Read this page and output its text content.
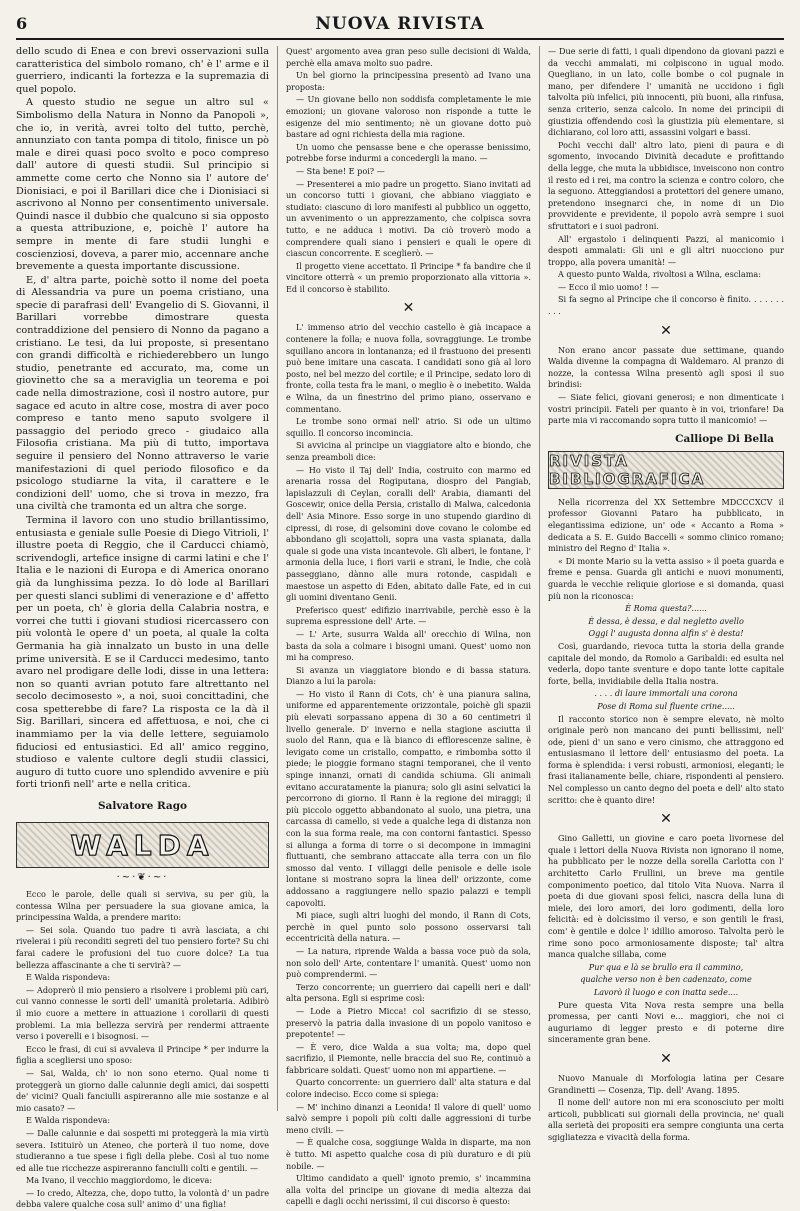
6	NUOVA RIVISTA

dello scudo di Enea e con brevi osservazioni sulla caratteristica del simbolo romano, ch' è l' arme e il guerriero, indicanti la fortezza e la supremazia di quel popolo.

A questo studio ne segue un altro sul « Simbolismo della Natura in Nonno da Panopoli », che io, in verità, avrei tolto del tutto, perchè, annunziato con tanta pompa di titolo, finisce un pò male e direi quasi poco svolto e poco compreso dall' autore di questi studii. Sul principio si ammette come certo che Nonno sia l' autore de' Dionisiaci, e poi il Barillari dice che i Dionisiaci si ascrivono al Nonno per consentimento universale. Quindi nasce il dubbio che qualcuno si sia opposto a questa attribuzione, e, poichè l' autore ha sempre in mente di fare studii lunghi e coscienziosi, doveva, a parer mio, accennare anche brevemente a questa importante discussione.

E, d' altra parte, poichè sotto il nome del poeta di Alessandria va pure un poema cristiano, una specie di parafrasi dell' Evangelio di S. Giovanni, il Barillari vorrebbe dimostrare questa contraddizione del pensiero di Nonno da pagano a cristiano. Le tesi, da lui proposte, si presentano con grandi difficoltà e richiederebbero un lungo studio, penetrante ed accurato, ma, come un giovinetto che sa a meraviglia un teorema e poi cade nella dimostrazione, così il nostro autore, pur sagace ed acuto in altre cose, mostra di aver poco compreso e tanto meno saputo svolgere il passaggio del periodo greco - giudaico alla Filosofia cristiana. Ma più di tutto, importava seguire il pensiero del Nonno attraverso le varie manifestazioni di quel periodo filosofico e da psicologo studiarne la vita, il carattere e le condizioni dell' uomo, che si trova in mezzo, fra una civiltà che tramonta ed un altra che sorge.

Termina il lavoro con uno studio brillantissimo, entusiasta e geniale sulle Poesie di Diego Vitrioli, l' illustre poeta di Reggio, che il Carducci chiamò, scrivendogli, artefice insigne di carmi latini e che l' Italia e le nazioni di Europa e di America onorano già da lunghissima pezza. Io dò lode al Barillari per questi slanci sublimi di venerazione e d' affetto per un poeta, ch' è gloria della Calabria nostra, e vorrei che tutti i giovani studiosi ricercassero con più volontà le opere d' un poeta, al quale la colta Germania ha già innalzato un busto in una delle prime università. E se il Carducci medesimo, tanto avaro nel prodigare delle lodi, disse in una lettera: non so quanti avrian potuto fare altrettanto nel secolo decimosesto », a noi, suoi concittadini, che cosa spetterebbe di fare? La risposta ce la dà il Sig. Barillari, sincera ed affettuosa, e noi, che ci inammiamo per la via delle lettere, seguiamolo fiduciosi ed entusiastici. Ed all' amico reggino, studioso e valente cultore degli studii classici, auguro di tutto cuore uno splendido avvenire e più forti trionfi nell' arte e nella critica.

Salvatore Rago
WALDA
·~·❦·~·

Ecco le parole, delle quali si serviva, su per giù, la contessa Wilna per persuadere la sua giovane amica, la principessina Walda, a prendere marito:

— Sei sola. Quando tuo padre ti avrà lasciata, a chi rivelerai i più reconditi segreti del tuo pensiero forte? Su chi farai cadere le profusioni del tuo cuore dolce? La tua bellezza affascinante a che ti servirà? —

E Walda rispondeva:

— Adoprerò il mio pensiero a risolvere i problemi più cari, cui vanno connesse le sorti dell' umanità proletaria. Adibirò il mio cuore a mettere in attuazione i corollarii di questi problemi. La mia bellezza servirà per rendermi attraente verso i poverelli e i bisognosi. —

Ecco le frasi, di cui si avvaleva il Principe * per indurre la figlia a scegliersi uno sposo:

— Sai, Walda, ch' io non sono eterno. Qual nome ti proteggerà un giorno dalle calunnie degli amici, dai sospetti de' vicini? Quali fanciulli aspireranno alle mie sostanze e al mio casato? —

E Walda rispondeva:

— Dalle calunnie e dai sospetti mi proteggerà la mia virtù severa. Istituirò un Ateneo, che porterà il tuo nome, dove studieranno a tue spese i figli della plebe. Così al tuo nome ed alle tue ricchezze aspireranno fanciulli colti e gentili. —

Ma Ivano, il vecchio maggiordomo, le diceva:

— Io credo, Altezza, che, dopo tutto, la volontà d' un padre debba valere qualche cosa sull' animo d' una figlia!

Quest' argomento avea gran peso sulle decisioni di Walda, perchè ella amava molto suo padre.

Un bel giorno la principessina presentò ad Ivano una proposta:

— Un giovane bello non soddisfa completamente le mie emozioni; un giovane valoroso non risponde a tutte le esigenze del mio sentimento; nè un giovane dotto può bastare ad ogni richiesta della mia ragione.

Un uomo che pensasse bene e che operasse benissimo, potrebbe forse indurmi a concedergli la mano. —

— Sta bene! E poi? —

— Presenterei a mio padre un progetto. Siano invitati ad un concorso tutti i giovani, che abbiano viaggiato e studiato: ciascuno di loro manifesti al pubblico un oggetto, un avvenimento o un apprezzamento, che colpisca sovra tutto, e ne adduca i motivi. Da ciò troverò modo a comprendere quali siano i pensieri e quali le opere di ciascun concorrente. E sceglierò. —

Il progetto viene accettato. Il Principe * fa bandire che il vincitore otterrà « un premio proporzionato alla vittoria ». Ed il concorso è stabilito.

✕

L' immenso atrio del vecchio castello è già incapace a contenere la folla; e nuova folla, sovraggiunge. Le trombe squillano ancora in lontananza; ed il frastuono dei presenti può bene imitare una cascata. I candidati sono già al loro posto, nel bel mezzo del cortile; e il Principe, sedato loro di fronte, colla testa fra le mani, o meglio è o inebetito. Walda e Wilna, da un finestrino del primo piano, osservano e commentano.

Le trombe sono ormai nell' atrio. Si ode un ultimo squillo. Il concorso incomincia.

Si avvicina al principe un viaggiatore alto e biondo, che senza preamboli dice:

— Ho visto il Taj dell' India, costruito con marmo ed arenaria rossa del Rogiputana, diospro del Pangiab, lapislazzuli di Ceylan, coralli dell' Arabia, diamanti del Goscewir, onice della Persia, cristallo di Malwa, calcedonia dell' Asia Minore. Esso sorge in uno stupendo giardino di cipressi, di rose, di gelsomini dove covano le colombe ed abbondano gli scojattoli, sopra una vasta spianata, dalla quale si gode una vista incantevole. Gli alberi, le fontane, l' armonia della luce, i fiori varii e strani, le Indie, che colà passeggiano, dànno alle mura rotonde, caspidali e maestose un aspetto di Eden, abitato dalle Fate, ed in cui gli uomini diventano Genii.

Preferisco quest' edifizio inarrivabile, perchè esso è la suprema espressione dell' Arte. —

— L' Arte, susurra Walda all' orecchio di Wilna, non basta da sola a colmare i bisogni umani. Quest' uomo non mi ha compreso.

Si avanza un viaggiatore biondo e di bassa statura. Dianzo a lui la parola:

— Ho visto il Rann di Cots, ch' è una pianura salina, uniforme ed apparentemente orizzontale, poichè gli spazii più elevati sorpassano appena di 30 a 60 centimetri il livello generale. D' inverno e nella stagione asciutta il suolo del Rann, qua e là bianco di efflorescenze saline, è levigato come un cristallo, compatto, e rimbomba sotto il piede; le pioggie formano stagni temporanei, che il vento spinge innanzi, ornati di candida schiuma. Gli animali evitano accuratamente la pianura; solo gli asini selvatici la percorrono di giorno. Il Rann è la regione dei miraggi; il più piccolo oggetto abbandonato al suolo, una pietra, una carcassa di camello, si vede a qualche lega di distanza non con la sua forma reale, ma con contorni fantastici. Spesso si allunga a forma di torre o si decompone in immagini fluttuanti, che sembrano attaccate alla terra con un filo smosso dal vento. I villaggi delle penisole e delle isole lontane si mostrano sopra la linea dell' orizzonte, come addossano a raggiungere nello spazio palazzi e templi capovolti.

Mi piace, sugli altri luoghi del mondo, il Rann di Cots, perchè in quel punto solo possono osservarsi tali eccentricità della natura. —

— La natura, riprende Walda a bassa voce può da sola, non solo dell' Arte, contentare l' umanità. Quest' uomo non può comprendermi. —

Terzo concorrente; un guerriero dai capelli neri e dall' alta persona. Egli si esprime così:

— Lode a Pietro Micca! col sacrifizio di se stesso, preservò la patria dalla invasione di un popolo vanitoso e prepotente! —

— È vero, dice Walda a sua volta; ma, dopo quel sacrifizio, il Piemonte, nelle braccia del suo Re, continuò a fabbricare soldati. Quest' uomo non mi appartiene. —

Quarto concorrente: un guerriero dall' alta statura e dal colore indeciso. Ecco come si spiega:

— M' inchino dinanzi a Leonida! Il valore di quell' uomo salvò sempre i popoli più colti dalle aggressioni di turbe meno civili. —

— È qualche cosa, soggiunge Walda in disparte, ma non è tutto. Mi aspetto qualche cosa di più duraturo e di più nobile. —

Ultimo candidato a quell' ignoto premio, s' incammina alla volta del principe un giovane di media altezza dai capelli e dagli occhi nerissimi, il cui discorso è questo:

— Due serie di fatti, i quali dipendono da giovani pazzi e da vecchi ammalati, mi colpiscono in ugual modo. Quegliano, in un lato, colle bombe o col pugnale in mano, per difendere l' umanità ne uccidono i figli talvolta più infelici, più innocenti, più buoni, alla rinfusa, senza criterio, senza calcolo. In nome dei principii di giustizia offendendo così la giustizia più elementare, si dichiarano, col loro atti, assassini volgari e bassi.

Pochi vecchi dall' altro lato, pieni di paura e di sgomento, invocando Divinità decadute e profittando della legge, che muta la ubbidisce, inveiscono non contro il resto ed i rei, ma contro la scienza e contro coloro, che la seguono. Atteggiandosi a protettori del genere umano, pretendono insegnarci che, in nome di un Dio provvidente e previdente, il popolo avrà sempre i suoi sfruttatori e i suoi padroni.

All' ergastolo i delinquenti Pazzi, al manicomio i despoti ammalati: Gli uni e gli altri nuocciono pur troppo, alla povera umanità! —

A questo punto Walda, rivoltosi a Wilna, esclama:

— Ecco il mio uomo! ! —

Si fa segno al Principe che il concorso è finito. . . . . . . . . .

✕

Non erano ancor passate due settimane, quando Walda divenne la compagna di Waldemaro. Al pranzo di nozze, la contessa Wilna presentò agli sposi il suo brindisi:

— Siate felici, giovani generosi; e non dimenticate i vostri principii. Fateli per quanto è in voi, trionfare! Da parte mia vi raccomando sopra tutto il manicomio! —

Calliope Di Bella
RIVISTA BIBLIOGRAFICA

Nella ricorrenza del XX Settembre MDCCCXCV il professor Giovanni Pataro ha pubblicato, in elegantissima edizione, un' ode « Accanto a Roma » dedicata a S. E. Guido Baccelli « sommo clinico romano; ministro del Regno d' Italia ».

« Di monte Mario su la vetta assiso » il poeta guarda e freme e pensa. Guarda gli antichi e nuovi monumenti, guarda le vecchie reliquie gloriose e si domanda, quasi più non la riconosca:

È Roma questa?......

È dessa, è dessa, e dal negletto avello

Oggi l' augusta donna alfin s' è desta!

Così, guardando, rievoca tutta la storia della grande capitale del mondo, da Romolo a Garibaldi: ed esulta nel vederla, dopo tante sventure e dopo tante lotte capitale forte, bella, invidiabile della Italia nostra.

. . . . di laure immortali una corona

Pose di Roma sul fluente crine.....

Il racconto storico non è sempre elevato, nè molto originale però non mancano dei punti bellissimi, nell' ode, pieni d' un sano e vero cinismo, che attraggono ed entusiasmano il lettore dell' entusiasmo del poeta. La forma è splendida: i versi robusti, armoniosi, eleganti; le frasi italianamente belle, chiare, rispondenti al pensiero. Nel complesso un canto degno del poeta e dell' alto stato scritto: che è quanto dire!

✕

Gino Galletti, un giovine e caro poeta livornese del quale i lettori della Nuova Rivista non ignorano il nome, ha pubblicato per le nozze della sorella Carlotta con l' architetto Carlo Frullini, un breve ma gentile componimento poetico, dal titolo Vita Nuova. Narra il poeta di due giovani sposi felici, nascra della luna di miele, dei loro amori, dei loro godimenti, della loro felicità: ed è dolcissimo il verso, e son gentili le frasi, com' è gentile e dolce l' idillio amoroso. Talvolta però le rime sono poco armoniosamente disposte; tal' altra manca qualche sillaba, come

Pur qua e là se brullo era il cammino,

qualche verso non è ben cadenzato, come

Lavorò il luogo e con inatta sede....

Pure questa Vita Nova resta sempre una bella promessa, per canti Novi e... maggiori, che noi ci auguriamo di legger presto e di poterne dire sinceramente gran bene.

✕

Nuovo Manuale di Morfologia latina per Cesare Grandinetti — Cosenza, Tip. dell' Avang. 1895.

Il nome dell' autore non mi era sconosciuto per molti articoli, pubblicati sui giornali della provincia, ne' quali alla serietà dei propositi era sempre congiunta una certa sgigliatezza e vivacità della forma.
